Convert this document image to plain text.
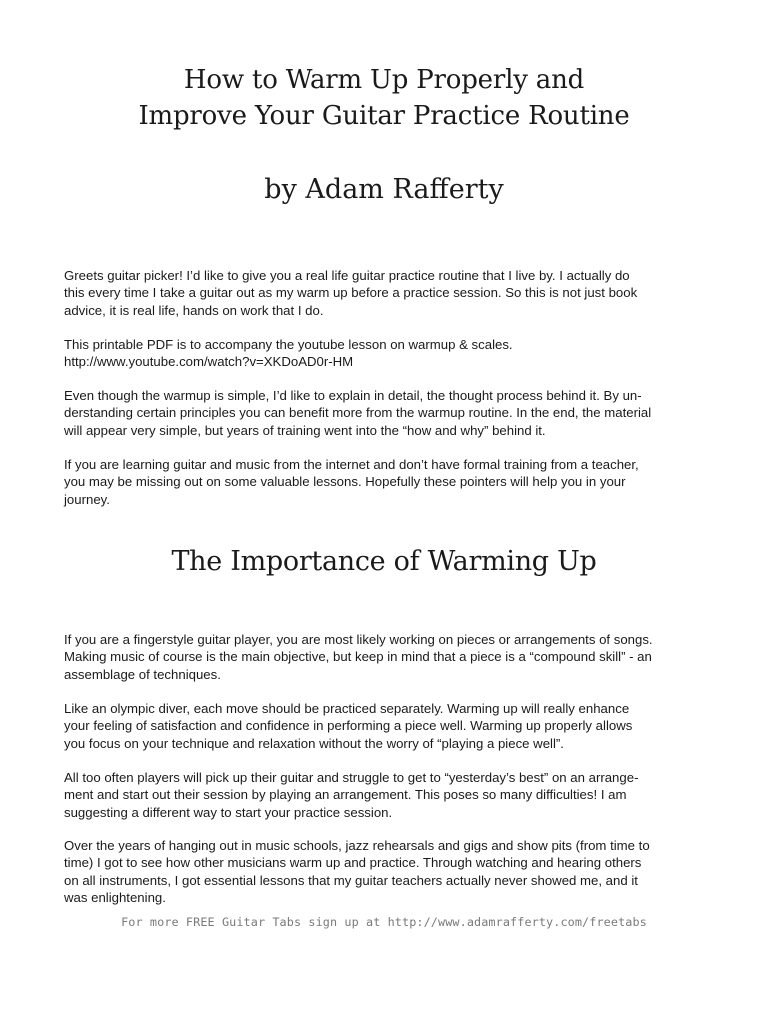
How to Warm Up Properly and
Improve Your Guitar Practice Routine
by Adam Rafferty

Greets guitar picker! I’d like to give you a real life guitar practice routine that I live by. I actually do
this every time I take a guitar out as my warm up before a practice session. So this is not just book
advice, it is real life, hands on work that I do.

This printable PDF is to accompany the youtube lesson on warmup & scales.
http://www.youtube.com/watch?v=XKDoAD0r-HM

Even though the warmup is simple, I’d like to explain in detail, the thought process behind it. By un-
derstanding certain principles you can benefit more from the warmup routine. In the end, the material
will appear very simple, but years of training went into the “how and why” behind it.

If you are learning guitar and music from the internet and don’t have formal training from a teacher,
you may be missing out on some valuable lessons. Hopefully these pointers will help you in your
journey.

The Importance of Warming Up

If you are a fingerstyle guitar player, you are most likely working on pieces or arrangements of songs.
Making music of course is the main objective, but keep in mind that a piece is a “compound skill” - an
assemblage of techniques.

Like an olympic diver, each move should be practiced separately. Warming up will really enhance
your feeling of satisfaction and confidence in performing a piece well. Warming up properly allows
you focus on your technique and relaxation without the worry of “playing a piece well”.

All too often players will pick up their guitar and struggle to get to “yesterday’s best” on an arrange-
ment and start out their session by playing an arrangement. This poses so many difficulties! I am
suggesting a different way to start your practice session.

Over the years of hanging out in music schools, jazz rehearsals and gigs and show pits (from time to
time) I got to see how other musicians warm up and practice. Through watching and hearing others
on all instruments, I got essential lessons that my guitar teachers actually never showed me, and it
was enlightening.

For more FREE Guitar Tabs sign up at http://www.adamrafferty.com/freetabs
